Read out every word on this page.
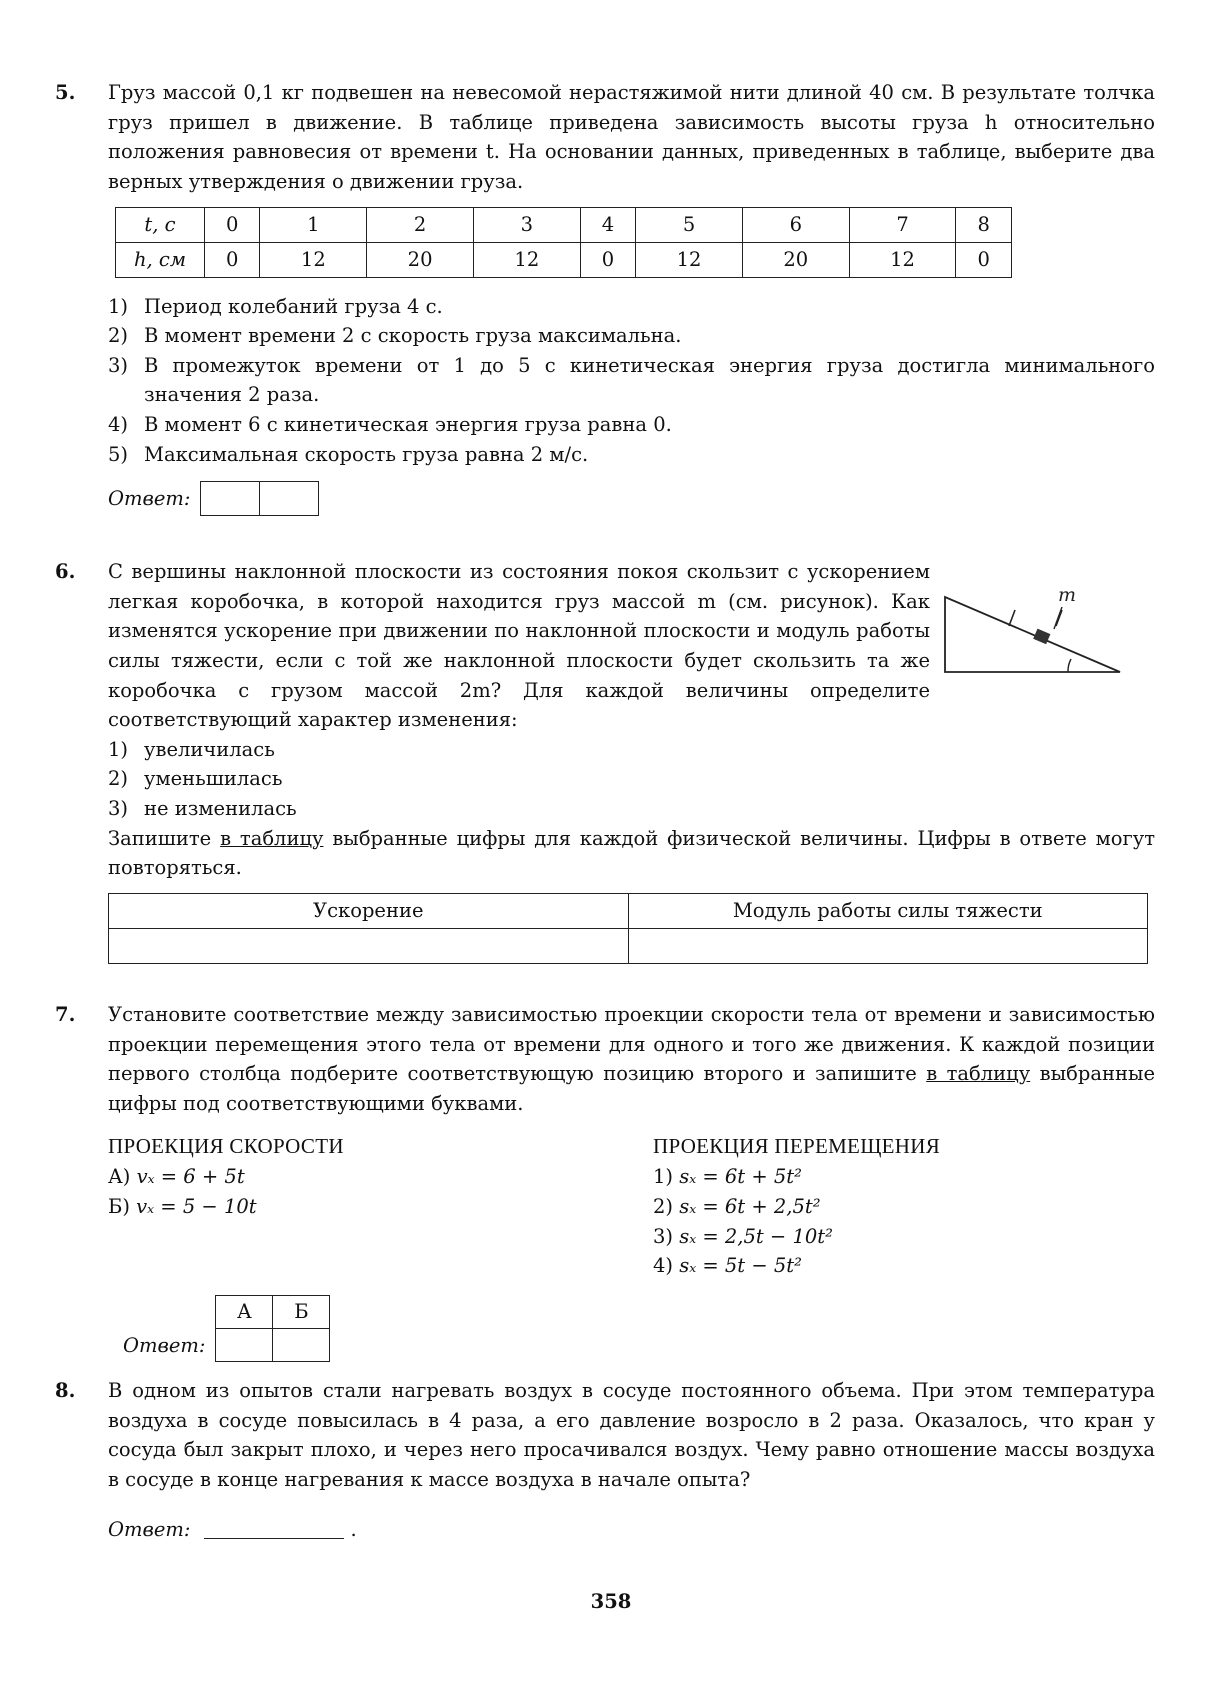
5. Груз массой 0,1 кг подвешен на невесомой нерастяжимой нити длиной 40 см. В результате толчка груз пришел в движение. В таблице приведена зависимость высоты груза h относительно положения равновесия от времени t. На основании данных, приведенных в таблице, выберите два верных утверждения о движении груза.

t, с	0	1	2	3	4	5	6	7	8
h, см	0	12	20	12	0	12	20	12	0
1) Период колебаний груза 4 с.
2) В момент времени 2 с скорость груза максимальна.
3) В промежуток времени от 1 до 5 с кинетическая энергия груза достигла минимального значения 2 раза.
4) В момент 6 с кинетическая энергия груза равна 0.
5) Максимальная скорость груза равна 2 м/с.
Ответ:

6. С вершины наклонной плоскости из состояния покоя скользит с ускорением легкая коробочка, в которой находится груз массой m (см. рисунок). Как изменятся ускорение при движении по наклонной плоскости и модуль работы силы тяжести, если с той же наклонной плоскости будет скользить та же коробочка с грузом массой 2m? Для каждой величины определите соответствующий характер изменения:

m
1) увеличилась
2) уменьшилась
3) не изменилась

Запишите в таблицу выбранные цифры для каждой физической величины. Цифры в ответе могут повторяться.

Ускорение	Модуль работы силы тяжести

7. Установите соответствие между зависимостью проекции скорости тела от времени и зависимостью проекции перемещения этого тела от времени для одного и того же движения. К каждой позиции первого столбца подберите соответствующую позицию второго и запишите в таблицу выбранные цифры под соответствующими буквами.

ПРОЕКЦИЯ СКОРОСТИ
А) vₓ = 6 + 5t
Б) vₓ = 5 − 10t
ПРОЕКЦИЯ ПЕРЕМЕЩЕНИЯ
1) sₓ = 6t + 5t²
2) sₓ = 6t + 2,5t²
3) sₓ = 2,5t − 10t²
4) sₓ = 5t − 5t²
Ответ:
А	Б

8. В одном из опытов стали нагревать воздух в сосуде постоянного объема. При этом температура воздуха в сосуде повысилась в 4 раза, а его давление возросло в 2 раза. Оказалось, что кран у сосуда был закрыт плохо, и через него просачивался воздух. Чему равно отношение массы воздуха в сосуде в конце нагревания к массе воздуха в начале опыта?

Ответ:	.
358
